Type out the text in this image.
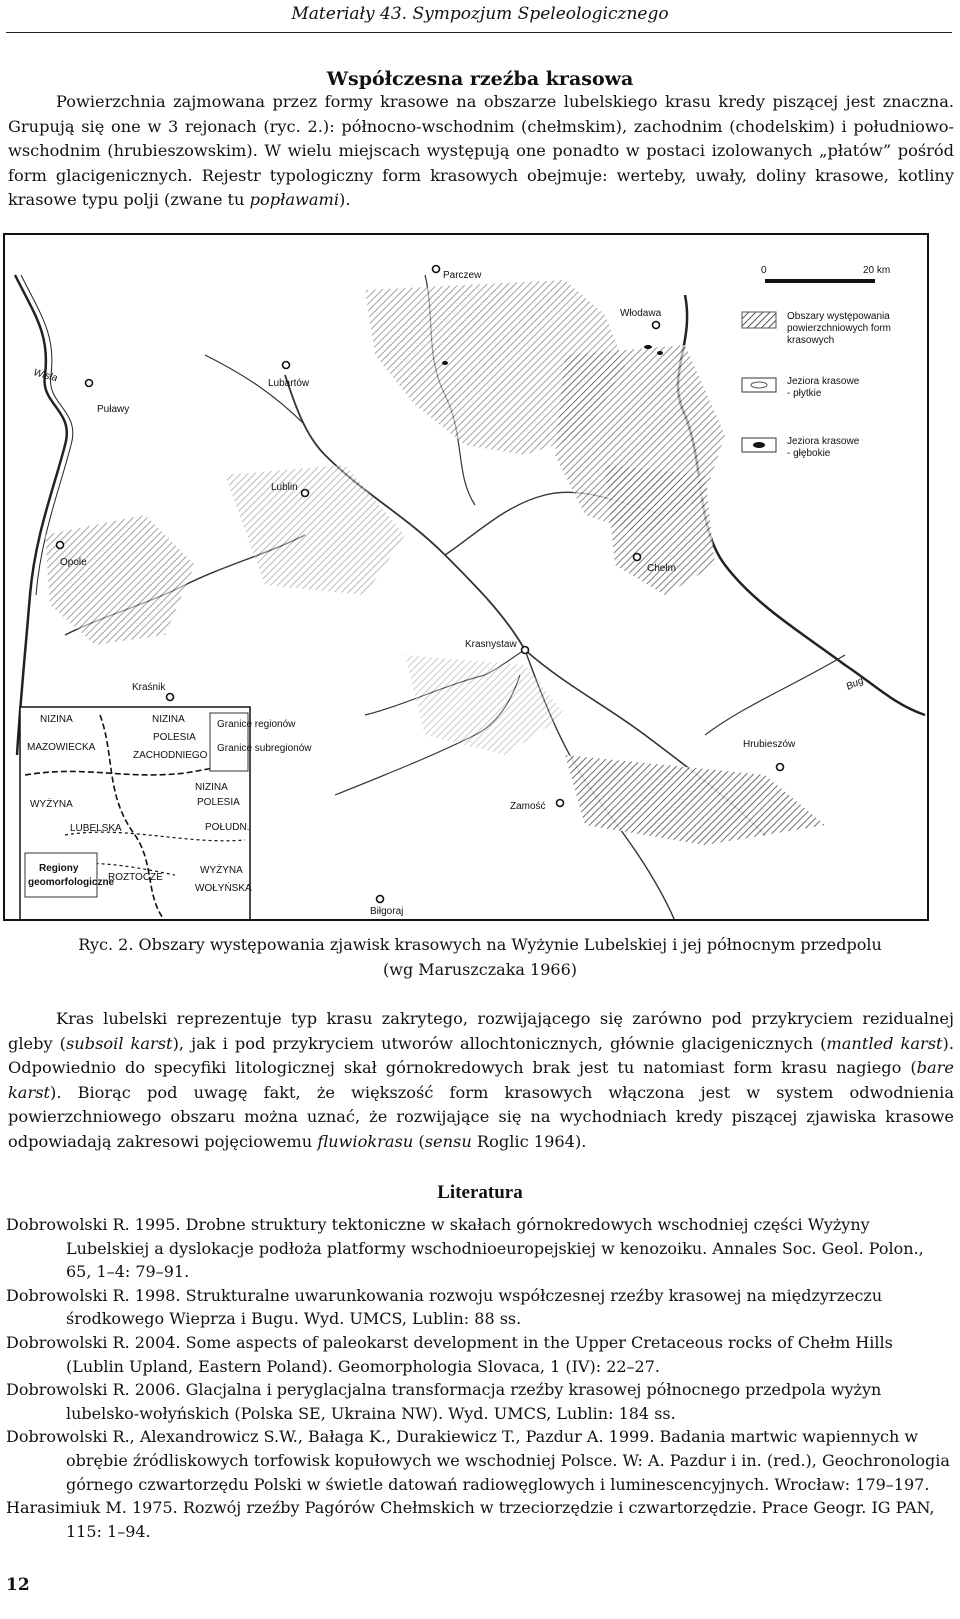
Materiały 43. Sympozjum Speleologicznego
Współczesna rzeźba krasowa
Powierzchnia zajmowana przez formy krasowe na obszarze lubelskiego krasu kredy piszącej jest znaczna. Grupują się one w 3 rejonach (ryc. 2.): północno-wschodnim (chełmskim), zachodnim (chodelskim) i południowo-wschodnim (hrubieszowskim). W wielu miejscach występują one ponadto w postaci izolowanych „płatów” pośród form glacigenicznych. Rejestr typologiczny form krasowych obejmuje: werteby, uwały, doliny krasowe, kotliny krasowe typu polji (zwane tu popławami).
0	20 km
Obszary występowania
powierzchniowych form
krasowych
Jeziora krasowe
- płytkie
Jeziora krasowe
- głębokie
Parczew
Włodawa
Lubartów
Puławy
Lublin
Opole
Chełm
Krasnystaw
Kraśnik
Hrubieszów
Zamość
Biłgoraj
Wisła
Bug
Granice regionów
Granice subregionów
Regiony
geomorfologiczne
NIZINA
MAZOWIECKA
NIZINA
POLESIA
ZACHODNIEGO
NIZINA
POLESIA
WYŻYNA
POŁUDN.
LUBELSKA
ROZTOCZE
WYŻYNA
WOŁYŃSKA
Ryc. 2. Obszary występowania zjawisk krasowych na Wyżynie Lubelskiej i jej północnym przedpolu
(wg Maruszczaka 1966)
Kras lubelski reprezentuje typ krasu zakrytego, rozwijającego się zarówno pod przykryciem rezidualnej gleby (subsoil karst), jak i pod przykryciem utworów allochtonicznych, głównie glacigenicznych (mantled karst). Odpowiednio do specyfiki litologicznej skał górnokredowych brak jest tu natomiast form krasu nagiego (bare karst). Biorąc pod uwagę fakt, że większość form krasowych włączona jest w system odwodnienia powierzchniowego obszaru można uznać, że rozwijające się na wychodniach kredy piszącej zjawiska krasowe odpowiadają zakresowi pojęciowemu fluwiokrasu (sensu Roglic 1964).
Literatura

Dobrowolski R. 1995. Drobne struktury tektoniczne w skałach górnokredowych wschodniej części Wyżyny Lubelskiej a dyslokacje podłoża platformy wschodnioeuropejskiej w kenozoiku. Annales Soc. Geol. Polon., 65, 1–4: 79–91.

Dobrowolski R. 1998. Strukturalne uwarunkowania rozwoju współczesnej rzeźby krasowej na międzyrzeczu środkowego Wieprza i Bugu. Wyd. UMCS, Lublin: 88 ss.

Dobrowolski R. 2004. Some aspects of paleokarst development in the Upper Cretaceous rocks of Chełm Hills (Lublin Upland, Eastern Poland). Geomorphologia Slovaca, 1 (IV): 22–27.

Dobrowolski R. 2006. Glacjalna i peryglacjalna transformacja rzeźby krasowej północnego przedpola wyżyn lubelsko-wołyńskich (Polska SE, Ukraina NW). Wyd. UMCS, Lublin: 184 ss.

Dobrowolski R., Alexandrowicz S.W., Bałaga K., Durakiewicz T., Pazdur A. 1999. Badania martwic wapiennych w obrębie źródliskowych torfowisk kopułowych we wschodniej Polsce. W: A. Pazdur i in. (red.), Geochronologia górnego czwartorzędu Polski w świetle datowań radiowęglowych i luminescencyjnych. Wrocław: 179–197.

Harasimiuk M. 1975. Rozwój rzeźby Pagórów Chełmskich w trzeciorzędzie i czwartorzędzie. Prace Geogr. IG PAN, 115: 1–94.

12
